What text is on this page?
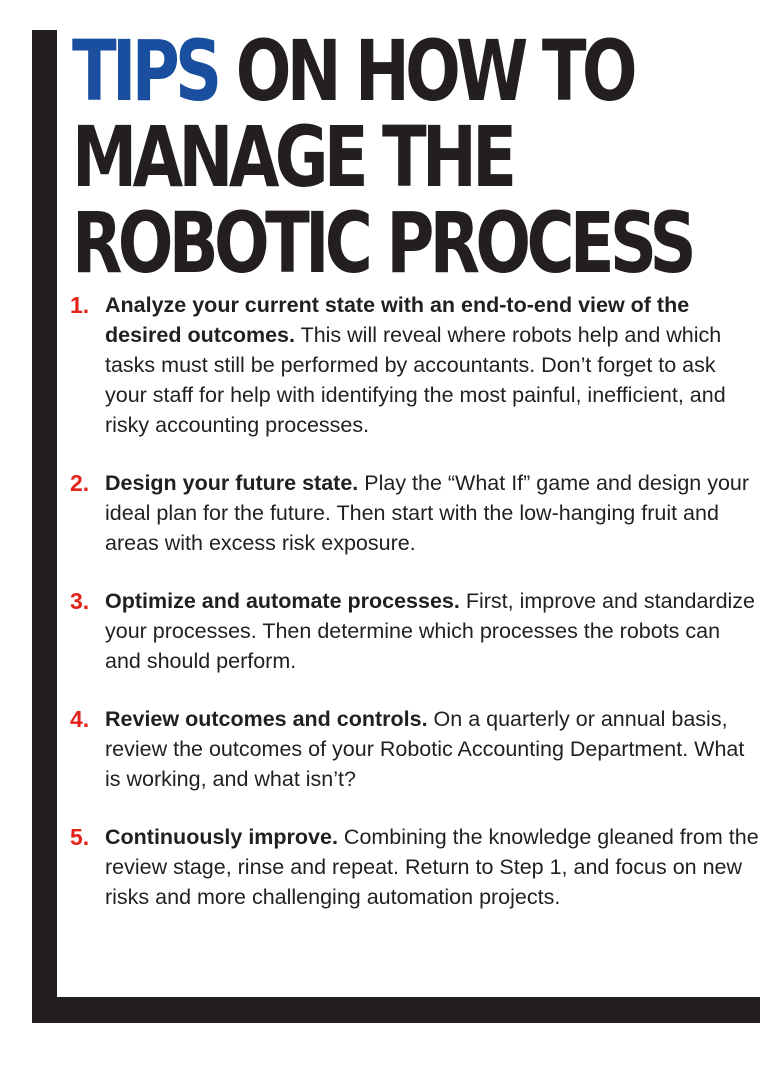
TIPS ON HOW TO
MANAGE THE
ROBOTIC PROCESS
1. Analyze your current state with an end-to-end view of the desired outcomes. This will reveal where robots help and which tasks must still be performed by accountants. Don’t forget to ask your staff for help with identifying the most painful, inefficient, and risky accounting processes.
2. Design your future state. Play the “What If” game and design your ideal plan for the future. Then start with the low-hanging fruit and areas with excess risk exposure.
3. Optimize and automate processes. First, improve and standardize your processes. Then determine which processes the robots can and should perform.
4. Review outcomes and controls. On a quarterly or annual basis, review the outcomes of your Robotic Accounting Department. What is working, and what isn’t?
5. Continuously improve. Combining the knowledge gleaned from the review stage, rinse and repeat. Return to Step 1, and focus on new risks and more challenging automation projects.
